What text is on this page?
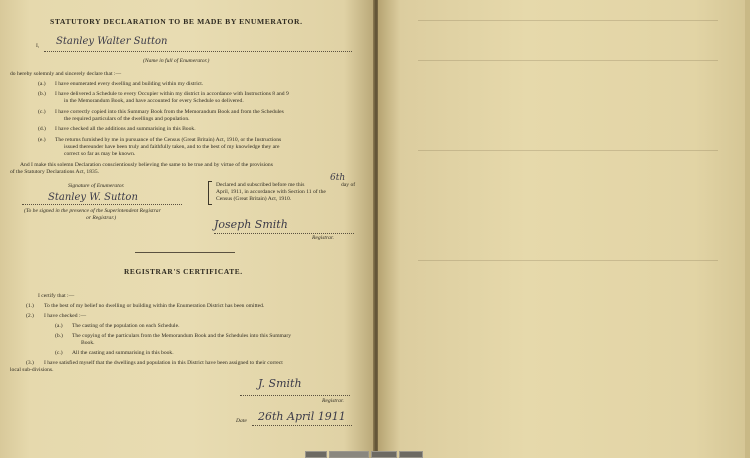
STATUTORY DECLARATION TO BE MADE BY ENUMERATOR.
I, Stanley Walter Sutton
(Name in full of Enumerator.)
do hereby solemnly and sincerely declare that :—
(a.) I have enumerated every dwelling and building within my district.
(b.) I have delivered a Schedule to every Occupier within my district in accordance with Instructions 8 and 9
in the Memorandum Book, and have accounted for every Schedule so delivered.
(c.) I have correctly copied into this Summary Book from the Memorandum Book and from the Schedules
the required particulars of the dwellings and population.
(d.) I have checked all the additions and summarising in this Book.
(e.) The returns furnished by me in pursuance of the Census (Great Britain) Act, 1910, or the Instructions
issued thereunder have been truly and faithfully taken, and to the best of my knowledge they are
correct so far as may be known.
And I make this solemn Declaration conscientiously believing the same to be true and by virtue of the provisions
of the Statutory Declarations Act, 1835.
Signature of Enumerator.
Stanley W. Sutton
(To be signed in the presence of the Superintendent Registrar
or Registrar.)
Declared and subscribed before me this
6th
day of
April, 1911, in accordance with Section 11 of the
Census (Great Britain) Act, 1910.
Joseph Smith
Registrar.
REGISTRAR'S CERTIFICATE.
I certify that :—
(1.) To the best of my belief no dwelling or building within the Enumeration District has been omitted.
(2.) I have checked :—
(a.) The casting of the population on each Schedule.
(b.) The copying of the particulars from the Memorandum Book and the Schedules into this Summary
Book.
(c.) All the casting and summarising in this book.
(3.) I have satisfied myself that the dwellings and population in this District have been assigned to their correct
local sub-divisions.
J. Smith
Registrar.
Date 26th April 1911
